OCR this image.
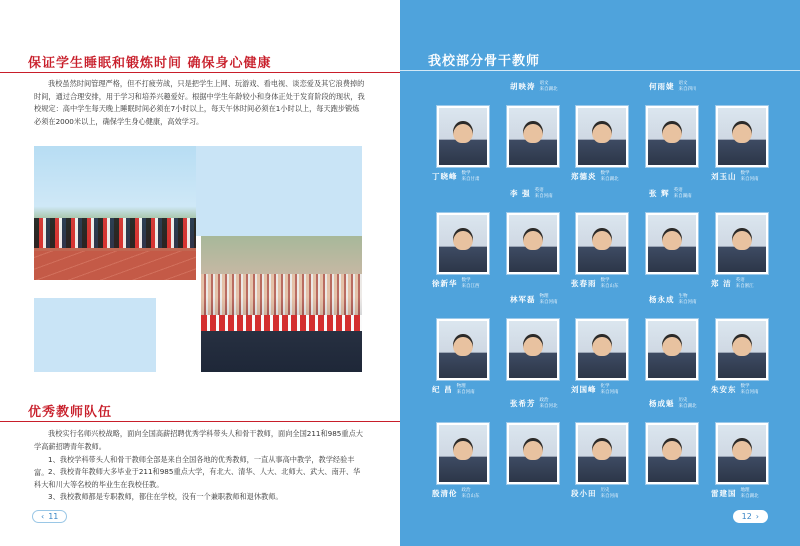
保证学生睡眠和锻炼时间 确保身心健康
我校虽然时间管理严格，但不打疲劳战，只是把学生上网、玩游戏、看电视、谈恋爱及其它浪费掉的时间，通过合理安排，用于学习和培养兴趣爱好。根据中学生年龄较小和身体正处于发育阶段的现状，我校规定：高中学生每天晚上睡眠时间必须在7小时以上，每天午休时间必须在1小时以上，每天跑步锻炼必须在2000米以上，确保学生身心健康，高效学习。
优秀教师队伍
我校实行名师兴校战略，面向全国高薪招聘优秀学科带头人和骨干教师，面向全国211和985重点大学高薪招聘青年教师。
1、我校学科带头人和骨干教师全部是来自全国各地的优秀教师，一直从事高中教学，教学经验丰富。 2、我校青年教师大多毕业于211和985重点大学，有北大、清华、人大、北师大、武大、南开、华科大和川大等名校的毕业生在我校任教。
3、我校教师都是专职教师，都住在学校，没有一个兼职教师和退休教师。
‹ 11
我校部分骨干教师
丁晓峰 数学
来自甘肃
胡映涛 语文
来自湖北
郑德炎 数学
来自湖北
何雨婕 语文
来自四川
刘玉山 数学
来自河南
徐新华 数学
来自江西
李 强 英语
来自河南
张春雨 数学
来自山东
张 辉 英语
来自湖南
郑 洁 英语
来自浙江
纪 昌 物理
来自河南
林军磊 物理
来自河南
刘国峰 化学
来自河南
杨永成 生物
来自河南
朱安东 数学
来自河南
殷清伦 政治
来自山东
张希芳 政治
来自河北
段小田 历史
来自河南
杨成魁 历史
来自湖北
雷建国 地理
来自湖北
12 ›
